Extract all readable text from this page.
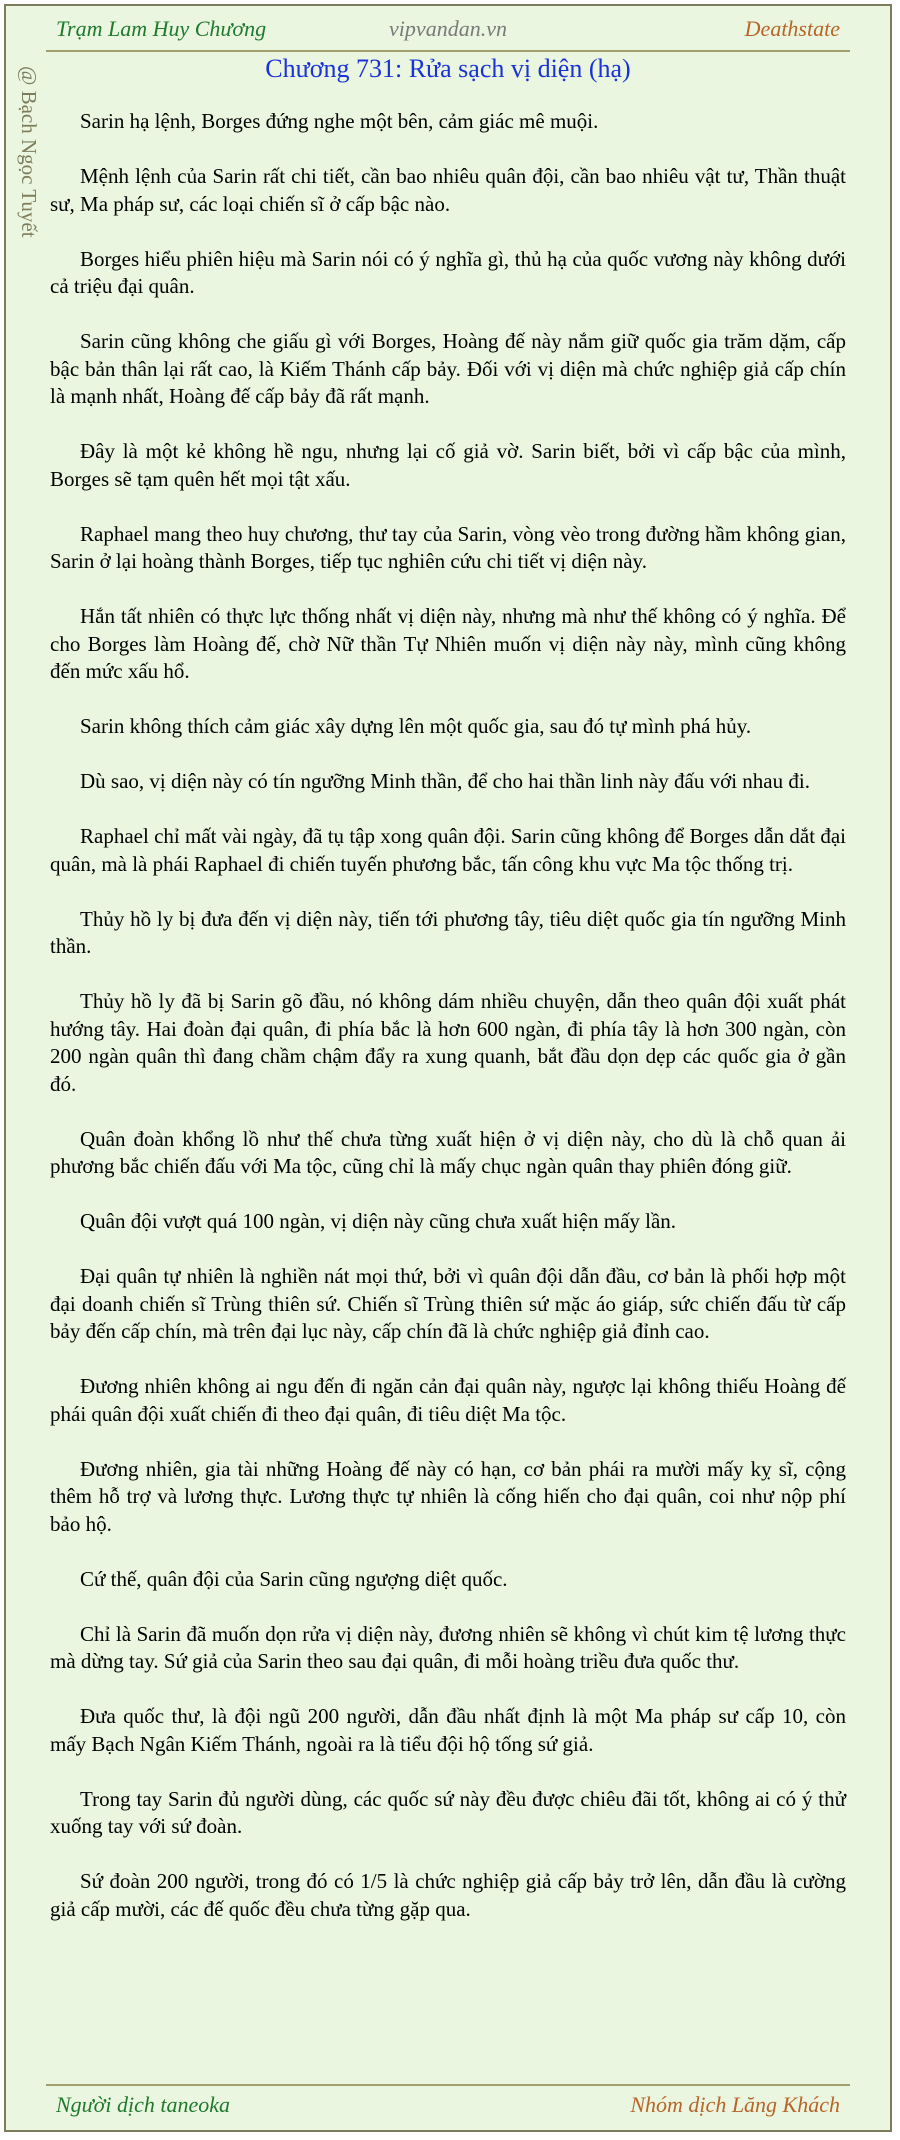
Trạm Lam Huy Chương	vipvandan.vn	Deathstate
@ Bạch Ngọc Tuyết	Chương 731: Rửa sạch vị diện (hạ)

Sarin hạ lệnh, Borges đứng nghe một bên, cảm giác mê muội.

Mệnh lệnh của Sarin rất chi tiết, cần bao nhiêu quân đội, cần bao nhiêu vật tư, Thần thuật sư, Ma pháp sư, các loại chiến sĩ ở cấp bậc nào.

Borges hiểu phiên hiệu mà Sarin nói có ý nghĩa gì, thủ hạ của quốc vương này không dưới cả triệu đại quân.

Sarin cũng không che giấu gì với Borges, Hoàng đế này nắm giữ quốc gia trăm dặm, cấp bậc bản thân lại rất cao, là Kiếm Thánh cấp bảy. Đối với vị diện mà chức nghiệp giả cấp chín là mạnh nhất, Hoàng đế cấp bảy đã rất mạnh.

Đây là một kẻ không hề ngu, nhưng lại cố giả vờ. Sarin biết, bởi vì cấp bậc của mình, Borges sẽ tạm quên hết mọi tật xấu.

Raphael mang theo huy chương, thư tay của Sarin, vòng vèo trong đường hầm không gian, Sarin ở lại hoàng thành Borges, tiếp tục nghiên cứu chi tiết vị diện này.

Hắn tất nhiên có thực lực thống nhất vị diện này, nhưng mà như thế không có ý nghĩa. Để cho Borges làm Hoàng đế, chờ Nữ thần Tự Nhiên muốn vị diện này này, mình cũng không đến mức xấu hổ.

Sarin không thích cảm giác xây dựng lên một quốc gia, sau đó tự mình phá hủy.

Dù sao, vị diện này có tín ngưỡng Minh thần, để cho hai thần linh này đấu với nhau đi.

Raphael chỉ mất vài ngày, đã tụ tập xong quân đội. Sarin cũng không để Borges dẫn dắt đại quân, mà là phái Raphael đi chiến tuyến phương bắc, tấn công khu vực Ma tộc thống trị.

Thủy hồ ly bị đưa đến vị diện này, tiến tới phương tây, tiêu diệt quốc gia tín ngưỡng Minh thần.

Thủy hồ ly đã bị Sarin gõ đầu, nó không dám nhiều chuyện, dẫn theo quân đội xuất phát hướng tây. Hai đoàn đại quân, đi phía bắc là hơn 600 ngàn, đi phía tây là hơn 300 ngàn, còn 200 ngàn quân thì đang chầm chậm đẩy ra xung quanh, bắt đầu dọn dẹp các quốc gia ở gần đó.

Quân đoàn khổng lồ như thế chưa từng xuất hiện ở vị diện này, cho dù là chỗ quan ải phương bắc chiến đấu với Ma tộc, cũng chỉ là mấy chục ngàn quân thay phiên đóng giữ.

Quân đội vượt quá 100 ngàn, vị diện này cũng chưa xuất hiện mấy lần.

Đại quân tự nhiên là nghiền nát mọi thứ, bởi vì quân đội dẫn đầu, cơ bản là phối hợp một đại doanh chiến sĩ Trùng thiên sứ. Chiến sĩ Trùng thiên sứ mặc áo giáp, sức chiến đấu từ cấp bảy đến cấp chín, mà trên đại lục này, cấp chín đã là chức nghiệp giả đỉnh cao.

Đương nhiên không ai ngu đến đi ngăn cản đại quân này, ngược lại không thiếu Hoàng đế phái quân đội xuất chiến đi theo đại quân, đi tiêu diệt Ma tộc.

Đương nhiên, gia tài những Hoàng đế này có hạn, cơ bản phái ra mười mấy kỵ sĩ, cộng thêm hỗ trợ và lương thực. Lương thực tự nhiên là cống hiến cho đại quân, coi như nộp phí bảo hộ.

Cứ thế, quân đội của Sarin cũng ngượng diệt quốc.

Chỉ là Sarin đã muốn dọn rửa vị diện này, đương nhiên sẽ không vì chút kim tệ lương thực mà dừng tay. Sứ giả của Sarin theo sau đại quân, đi mỗi hoàng triều đưa quốc thư.

Đưa quốc thư, là đội ngũ 200 người, dẫn đầu nhất định là một Ma pháp sư cấp 10, còn mấy Bạch Ngân Kiếm Thánh, ngoài ra là tiểu đội hộ tống sứ giả.

Trong tay Sarin đủ người dùng, các quốc sứ này đều được chiêu đãi tốt, không ai có ý thử xuống tay với sứ đoàn.

Sứ đoàn 200 người, trong đó có 1/5 là chức nghiệp giả cấp bảy trở lên, dẫn đầu là cường giả cấp mười, các đế quốc đều chưa từng gặp qua.

Người dịch taneoka	Nhóm dịch Lăng Khách
